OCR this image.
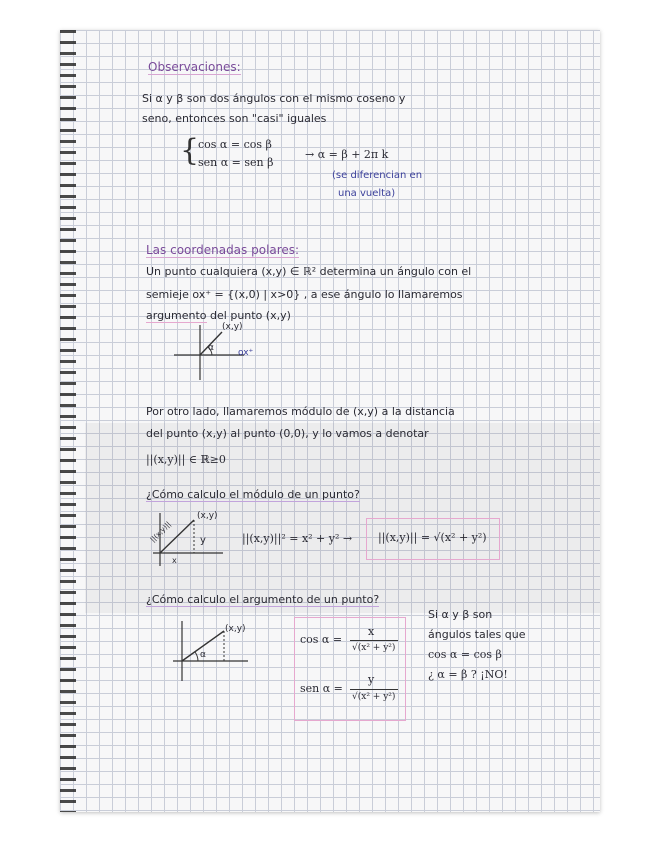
Observaciones:
Si α y β son dos ángulos con el mismo coseno y
seno, entonces son "casi" iguales
{
cos α = cos β
sen α = sen β
→ α = β + 2π k
(se diferencian en
una vuelta)
Las coordenadas polares:
Un punto cualquiera (x,y) ∈ ℝ² determina un ángulo con el
semieje ox⁺ = {(x,0) | x>0} , a ese ángulo lo llamaremos
argumento del punto (x,y)
(x,y)
α	ox⁺
Por otro lado, llamaremos módulo de (x,y) a la distancia
del punto (x,y) al punto (0,0), y lo vamos a denotar
||(x,y)|| ∈ ℝ≥0
¿Cómo calculo el módulo de un punto?
(x,y)
||(x,y)||	y
x
||(x,y)||² = x² + y² → ||(x,y)|| = √(x² + y²)
¿Cómo calculo el argumento de un punto?
(x,y)
α
cos α =
x
√(x² + y²)
sen α =
y
√(x² + y²)
Si α y β son
ángulos tales que
cos α = cos β
¿ α = β ? ¡NO!
